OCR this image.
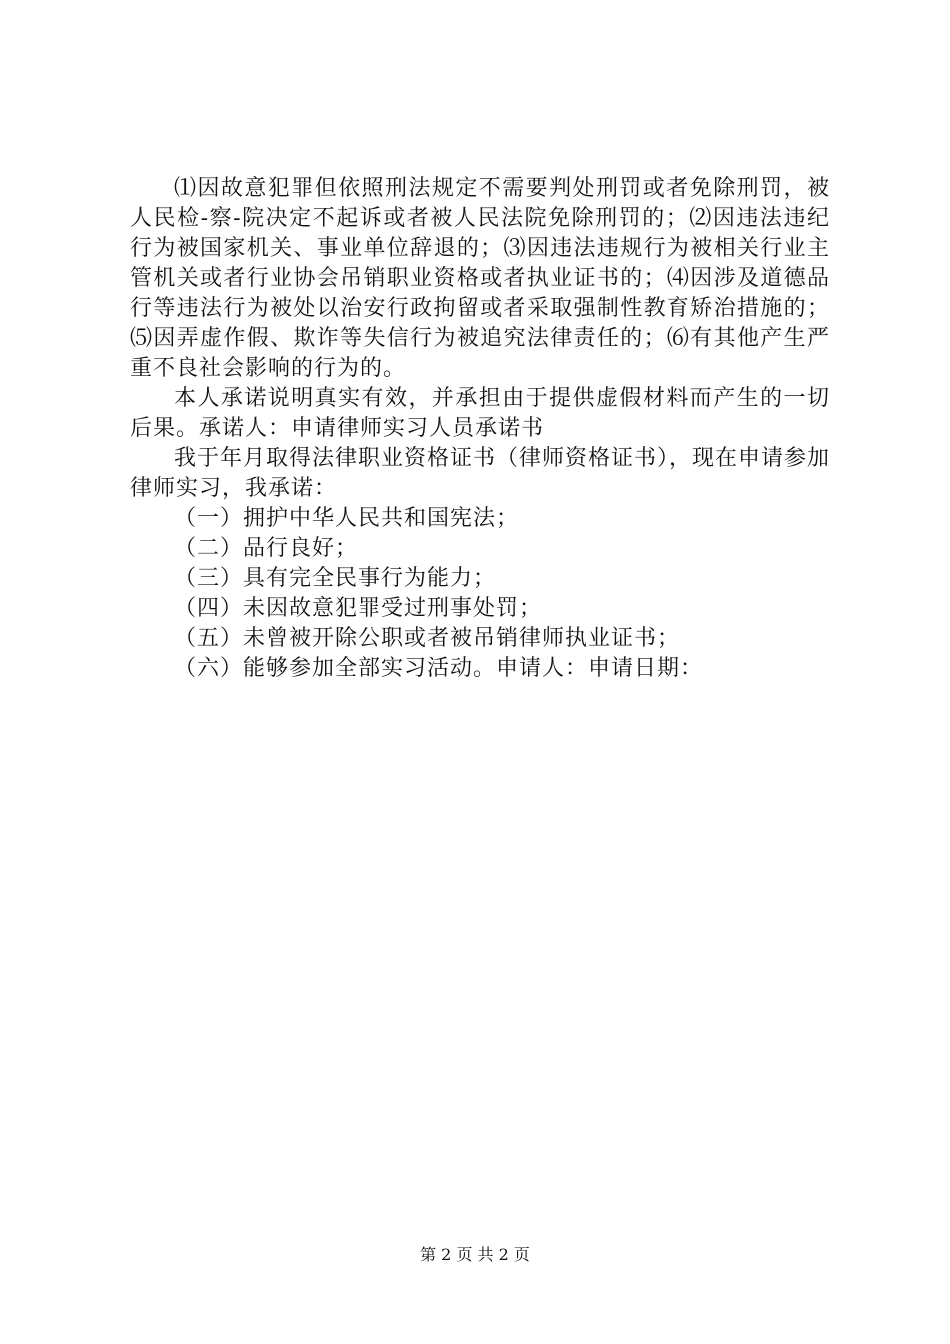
⑴因故意犯罪但依照刑法规定不需要判处刑罚或者免除刑罚，被人民检-察-院决定不起诉或者被人民法院免除刑罚的；⑵因违法违纪行为被国家机关、事业单位辞退的；⑶因违法违规行为被相关行业主管机关或者行业协会吊销职业资格或者执业证书的；⑷因涉及道德品行等违法行为被处以治安行政拘留或者采取强制性教育矫治措施的；⑸因弄虚作假、欺诈等失信行为被追究法律责任的；⑹有其他产生严重不良社会影响的行为的。

本人承诺说明真实有效，并承担由于提供虚假材料而产生的一切后果。承诺人：申请律师实习人员承诺书

我于年月取得法律职业资格证书（律师资格证书），现在申请参加律师实习，我承诺：

（一）拥护中华人民共和国宪法；

（二）品行良好；

（三）具有完全民事行为能力；

（四）未因故意犯罪受过刑事处罚；

（五）未曾被开除公职或者被吊销律师执业证书；

（六）能够参加全部实习活动。申请人：申请日期：

第 2 页 共 2 页
